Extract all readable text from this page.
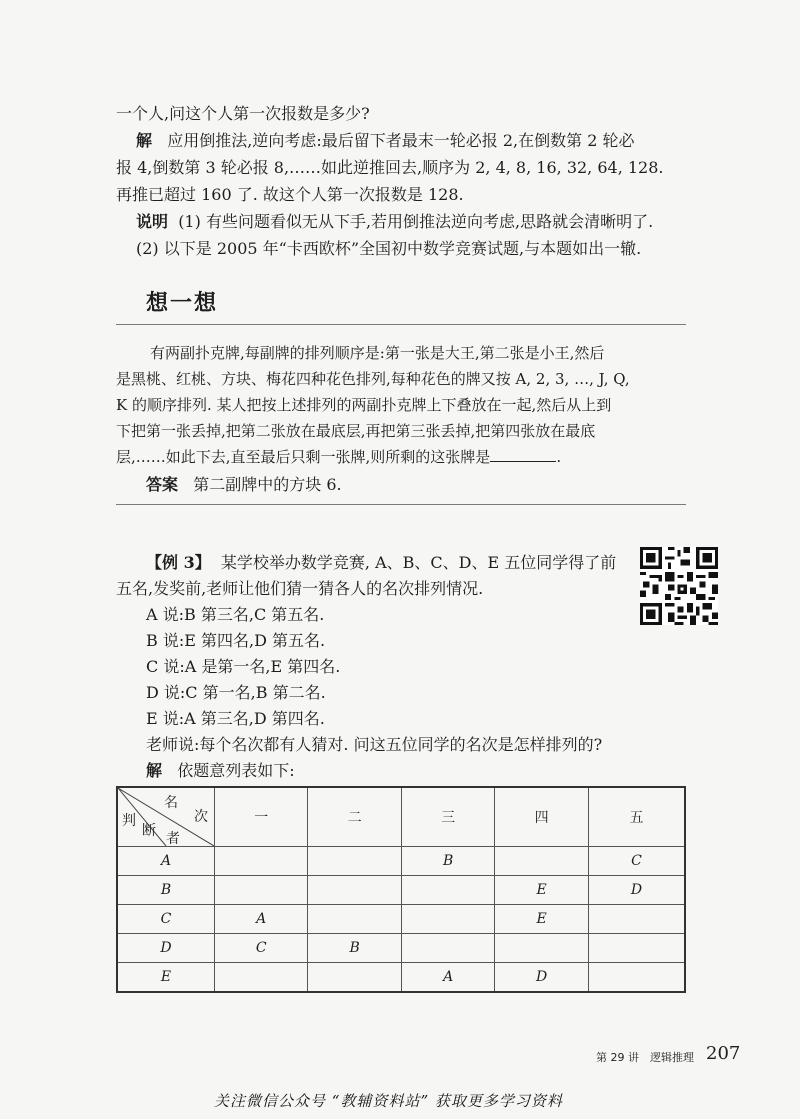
一个人,问这个人第一次报数是多少?
解 应用倒推法,逆向考虑:最后留下者最末一轮必报 2,在倒数第 2 轮必
报 4,倒数第 3 轮必报 8,……如此逆推回去,顺序为 2, 4, 8, 16, 32, 64, 128.
再推已超过 160 了. 故这个人第一次报数是 128.
说明 (1) 有些问题看似无从下手,若用倒推法逆向考虑,思路就会清晰明了.
(2) 以下是 2005 年“卡西欧杯”全国初中数学竞赛试题,与本题如出一辙.
想一想
有两副扑克牌,每副牌的排列顺序是:第一张是大王,第二张是小王,然后
是黑桃、红桃、方块、梅花四种花色排列,每种花色的牌又按 A, 2, 3, …, J, Q,
K 的顺序排列. 某人把按上述排列的两副扑克牌上下叠放在一起,然后从上到
下把第一张丢掉,把第二张放在最底层,再把第三张丢掉,把第四张放在最底
层,……如此下去,直至最后只剩一张牌,则所剩的这张牌是	.
答案 第二副牌中的方块 6.
【例 3】 某学校举办数学竞赛, A、B、C、D、E 五位同学得了前
五名,发奖前,老师让他们猜一猜各人的名次排列情况.
A 说:B 第三名,C 第五名.
B 说:E 第四名,D 第五名.
C 说:A 是第一名,E 第四名.
D 说:C 第一名,B 第二名.
E 说:A 第三名,D 第四名.
老师说:每个名次都有人猜对. 问这五位同学的名次是怎样排列的?
解 依题意列表如下:
名
次
判
断 者	一	二	三	四	五
A			B		C
B				E	D
C	A			E	
D	C	B			
E			A	D	
第 29 讲 逻辑推理 207
关注微信公众号 “教辅资料站” 获取更多学习资料
